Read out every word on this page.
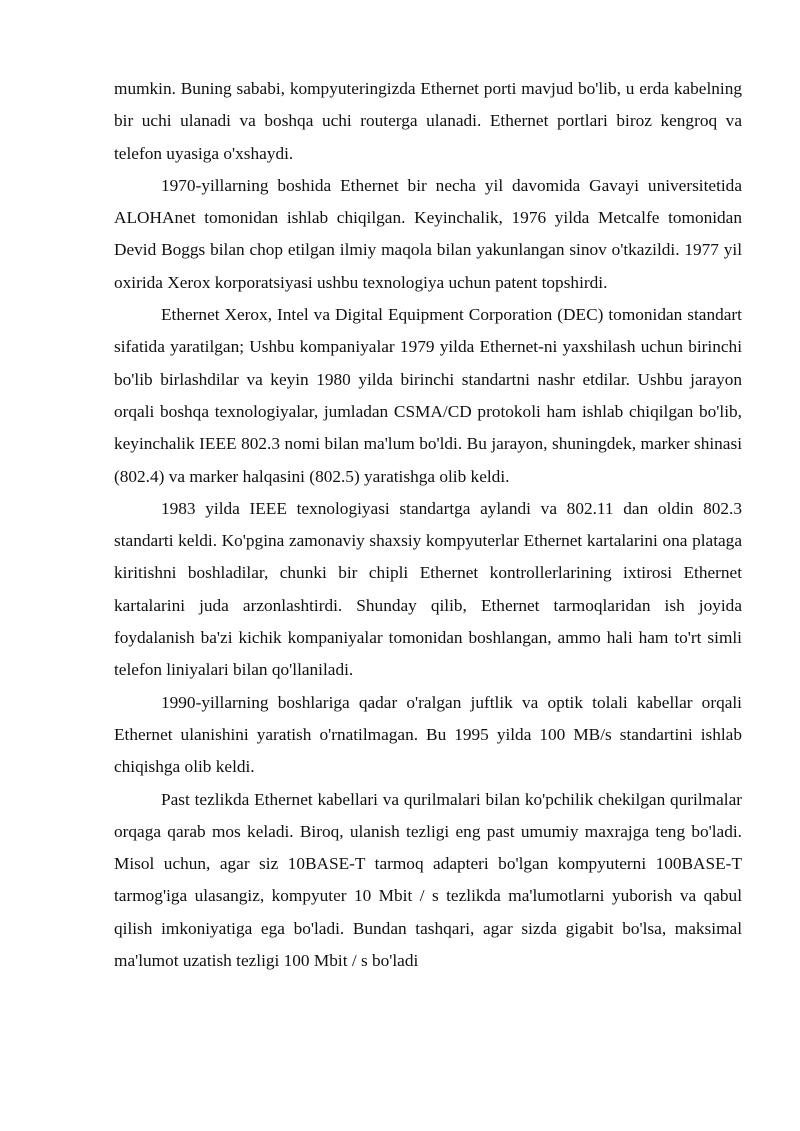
mumkin. Buning sababi, kompyuteringizda Ethernet porti mavjud bo'lib, u erda kabelning bir uchi ulanadi va boshqa uchi routerga ulanadi. Ethernet portlari biroz kengroq va telefon uyasiga o'xshaydi.

1970-yillarning boshida Ethernet bir necha yil davomida Gavayi universitetida ALOHAnet tomonidan ishlab chiqilgan. Keyinchalik, 1976 yilda Metcalfe tomonidan Devid Boggs bilan chop etilgan ilmiy maqola bilan yakunlangan sinov o'tkazildi. 1977 yil oxirida Xerox korporatsiyasi ushbu texnologiya uchun patent topshirdi.

Ethernet Xerox, Intel va Digital Equipment Corporation (DEC) tomonidan standart sifatida yaratilgan; Ushbu kompaniyalar 1979 yilda Ethernet-ni yaxshilash uchun birinchi bo'lib birlashdilar va keyin 1980 yilda birinchi standartni nashr etdilar. Ushbu jarayon orqali boshqa texnologiyalar, jumladan CSMA/CD protokoli ham ishlab chiqilgan bo'lib, keyinchalik IEEE 802.3 nomi bilan ma'lum bo'ldi. Bu jarayon, shuningdek, marker shinasi (802.4) va marker halqasini (802.5) yaratishga olib keldi.

1983 yilda IEEE texnologiyasi standartga aylandi va 802.11 dan oldin 802.3 standarti keldi. Ko'pgina zamonaviy shaxsiy kompyuterlar Ethernet kartalarini ona plataga kiritishni boshladilar, chunki bir chipli Ethernet kontrollerlarining ixtirosi Ethernet kartalarini juda arzonlashtirdi. Shunday qilib, Ethernet tarmoqlaridan ish joyida foydalanish ba'zi kichik kompaniyalar tomonidan boshlangan, ammo hali ham to'rt simli telefon liniyalari bilan qo'llaniladi.

1990-yillarning boshlariga qadar o'ralgan juftlik va optik tolali kabellar orqali Ethernet ulanishini yaratish o'rnatilmagan. Bu 1995 yilda 100 MB/s standartini ishlab chiqishga olib keldi.

Past tezlikda Ethernet kabellari va qurilmalari bilan ko'pchilik chekilgan qurilmalar orqaga qarab mos keladi. Biroq, ulanish tezligi eng past umumiy maxrajga teng bo'ladi. Misol uchun, agar siz 10BASE-T tarmoq adapteri bo'lgan kompyuterni 100BASE-T tarmog'iga ulasangiz, kompyuter 10 Mbit / s tezlikda ma'lumotlarni yuborish va qabul qilish imkoniyatiga ega bo'ladi. Bundan tashqari, agar sizda gigabit bo'lsa, maksimal ma'lumot uzatish tezligi 100 Mbit / s bo'ladi
